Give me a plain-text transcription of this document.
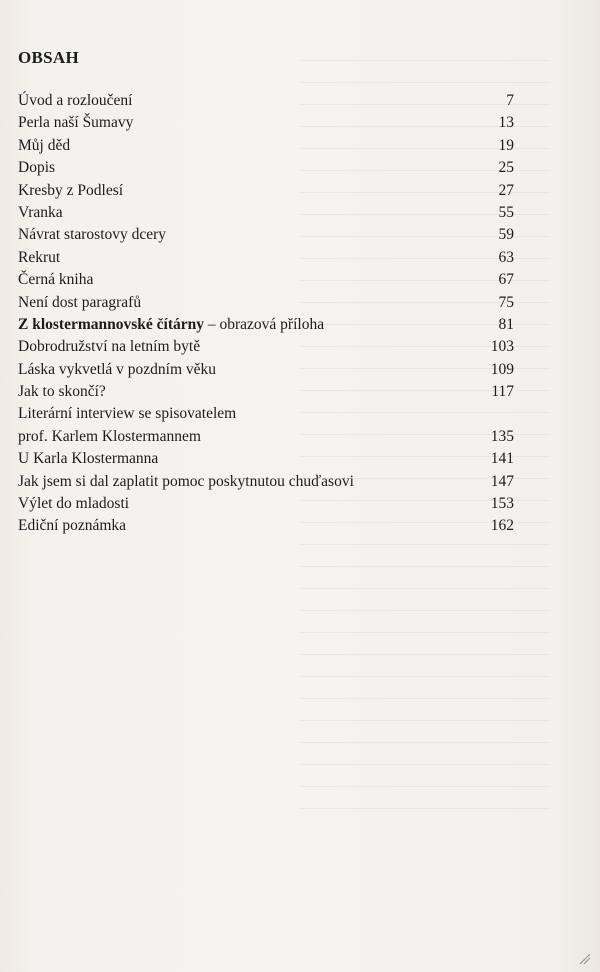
OBSAH
Úvod a rozloučení	7
Perla naší Šumavy	13
Můj děd	19
Dopis	25
Kresby z Podlesí	27
Vranka	55
Návrat starostovy dcery	59
Rekrut	63
Černá kniha	67
Není dost paragrafů	75
Z klostermannovské čítárny – obrazová příloha	81
Dobrodružství na letním bytě	103
Láska vykvetlá v pozdním věku	109
Jak to skončí?	117
Literární interview se spisovatelem
prof. Karlem Klostermannem	135
U Karla Klostermanna	141
Jak jsem si dal zaplatit pomoc poskytnutou chuďasovi	147
Výlet do mladosti	153
Ediční poznámka	162
